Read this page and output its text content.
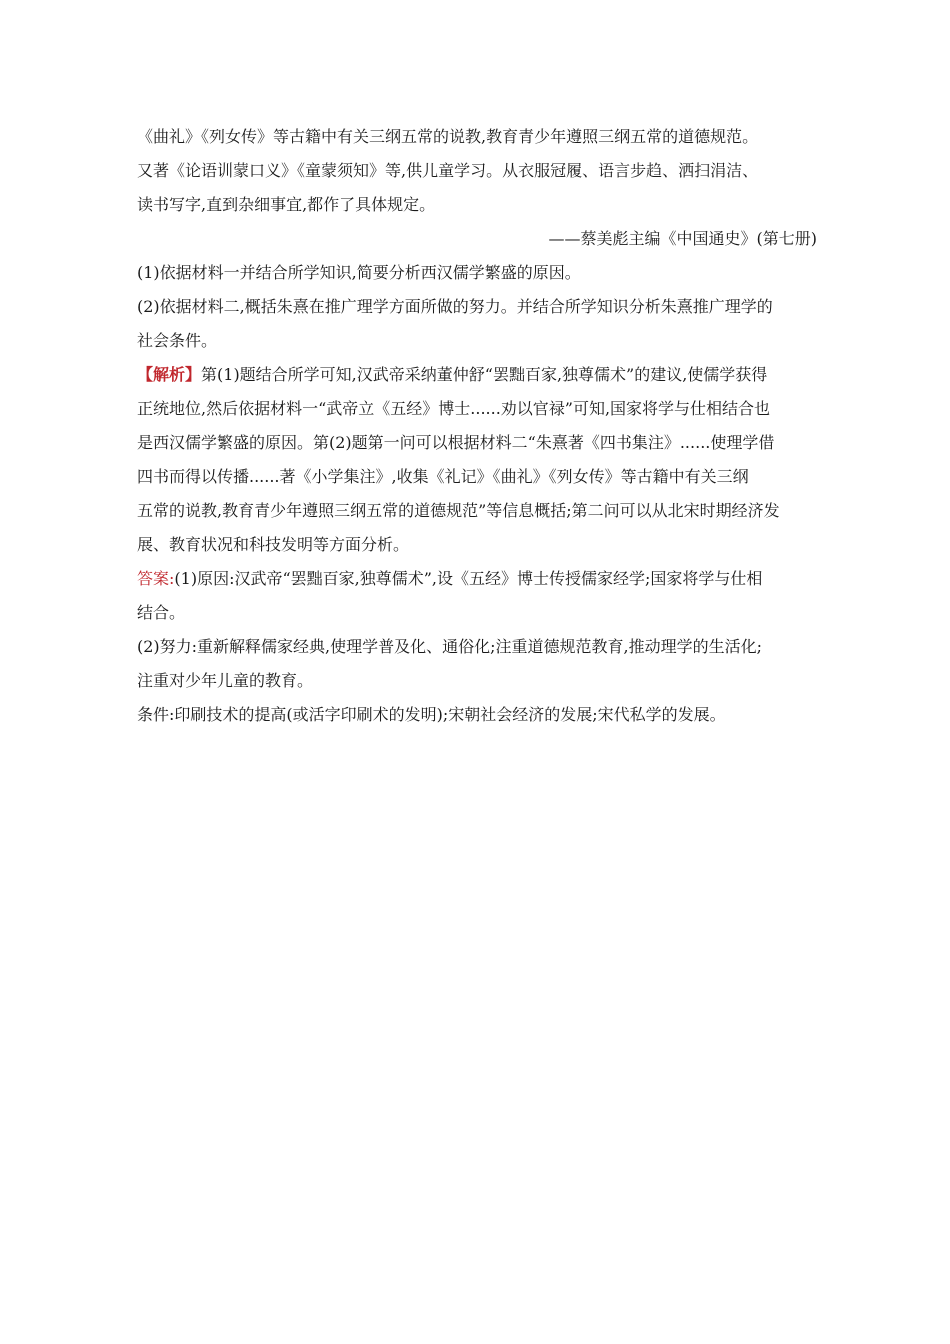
《曲礼》《列女传》等古籍中有关三纲五常的说教,教育青少年遵照三纲五常的道德规范。
又著《论语训蒙口义》《童蒙须知》等,供儿童学习。从衣服冠履、语言步趋、洒扫涓洁、
读书写字,直到杂细事宜,都作了具体规定。
——蔡美彪主编《中国通史》(第七册)
(1)依据材料一并结合所学知识,简要分析西汉儒学繁盛的原因。
(2)依据材料二,概括朱熹在推广理学方面所做的努力。并结合所学知识分析朱熹推广理学的
社会条件。
【解析】第(1)题结合所学可知,汉武帝采纳董仲舒“罢黜百家,独尊儒术”的建议,使儒学获得
正统地位,然后依据材料一“武帝立《五经》博士......劝以官禄”可知,国家将学与仕相结合也
是西汉儒学繁盛的原因。第(2)题第一问可以根据材料二“朱熹著《四书集注》......使理学借
四书而得以传播......著《小学集注》,收集《礼记》《曲礼》《列女传》等古籍中有关三纲
五常的说教,教育青少年遵照三纲五常的道德规范”等信息概括;第二问可以从北宋时期经济发
展、教育状况和科技发明等方面分析。
答案:(1)原因:汉武帝“罢黜百家,独尊儒术”,设《五经》博士传授儒家经学;国家将学与仕相
结合。
(2)努力:重新解释儒家经典,使理学普及化、通俗化;注重道德规范教育,推动理学的生活化;
注重对少年儿童的教育。
条件:印刷技术的提高(或活字印刷术的发明);宋朝社会经济的发展;宋代私学的发展。
